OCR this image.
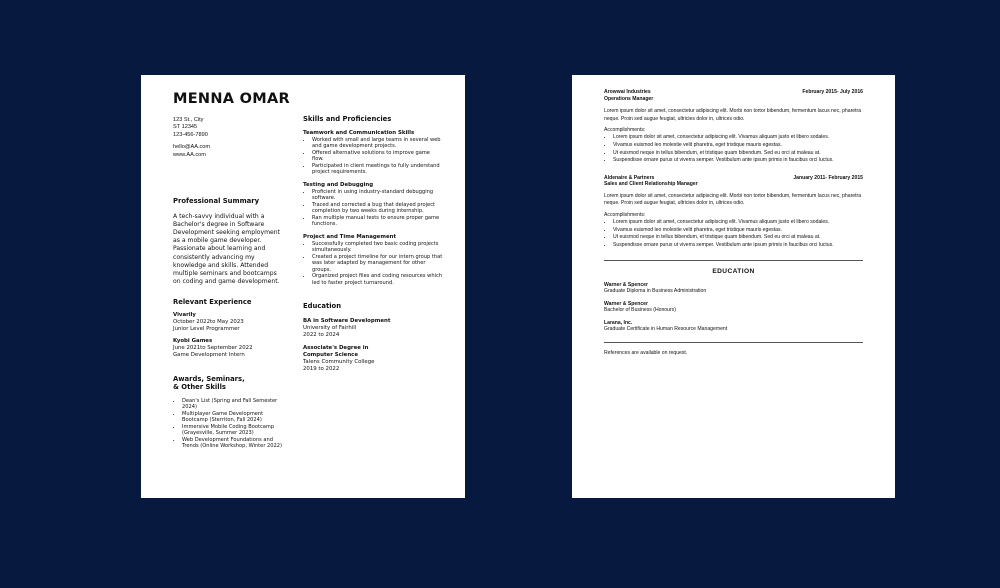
MENNA OMAR
123 St., City
ST 12345
123-456-7890
hello@AA.com
www.AA.com
Professional Summary
A tech-savvy individual with a Bachelor's degree in Software Development seeking employment as a mobile game developer. Passionate about learning and consistently advancing my knowledge and skills. Attended multiple seminars and bootcamps on coding and game development.
Relevant Experience
Vivarily
October 2022to May 2023
Junior Level Programmer
Kyobi Games
June 2021to September 2022
Game Development Intern
Awards, Seminars,
& Other Skills
• Dean's List (Spring and Fall Semester 2024)
• Multiplayer Game Development Bootcamp (Sterriton, Fall 2024)
• Immersive Mobile Coding Bootcamp (Grayesville, Summer 2023)
• Web Development Foundations and Trends (Online Workshop, Winter 2022)
Skills and Proficiencies
Teamwork and Communication Skills
• Worked with small and large teams in several web and game development projects.
• Offered alternative solutions to improve game flow.
• Participated in client meetings to fully understand project requirements.
Testing and Debugging
• Proficient in using industry-standard debugging software.
• Traced and corrected a bug that delayed project completion by two weeks during internship.
• Ran multiple manual tests to ensure proper game functions.
Project and Time Management
• Successfully completed two basic coding projects simultaneously.
• Created a project timeline for our intern group that was later adapted by management for other groups.
• Organized project files and coding resources which led to faster project turnaround.
Education
BA in Software Development
University of Fairhill
2022 to 2024
Associate's Degree in Computer Science
Talens Community College
2019 to 2022
Arowwai Industries	February 2015- July 2016
Operations Manager
Lorem ipsum dolor sit amet, consectetur adipiscing elit. Morbi non tortor bibendum, fermentum lacus nec, pharetra neque. Proin sed augue feugiat, ultricies dolor in, ultrices odio.
Accomplishments:
• Lorem ipsum dolor sit amet, consectetur adipiscing elit. Vivamus aliquam justo et libero sodales.
• Vivamus euismod leo molestie velit pharetra, eget tristique mauris egestas.
• Ut euismod neque in tellus bibendum, et tristique quam bibendum. Sed eu orci at maleau at.
• Suspendisse ornare purus ut viverra semper. Vestibulum ante ipsum primis in faucibus orci luctus.
Aldenaire & Partners	January 2011- February 2015
Sales and Client Relationship Manager
Lorem ipsum dolor sit amet, consectetur adipiscing elit. Morbi non tortor bibendum, fermentum lacus nec, pharetra neque. Proin sed augue feugiat, ultricies dolor in, ultrices odio.
Accomplishments:
• Lorem ipsum dolor sit amet, consectetur adipiscing elit. Vivamus aliquam justo et libero sodales.
• Vivamus euismod leo molestie velit pharetra, eget tristique mauris egestas.
• Ut euismod neque in tellus bibendum, et tristique quam bibendum. Sed eu orci at maleau at.
• Suspendisse ornare purus ut viverra semper. Vestibulum ante ipsum primis in faucibus orci luctus.
EDUCATION
Warner & Spencer
Graduate Diploma in Business Administration
Warner & Spencer
Bachelor of Business (Honours)
Larana, Inc.
Graduate Certificate in Human Resource Management
References are available on request.
